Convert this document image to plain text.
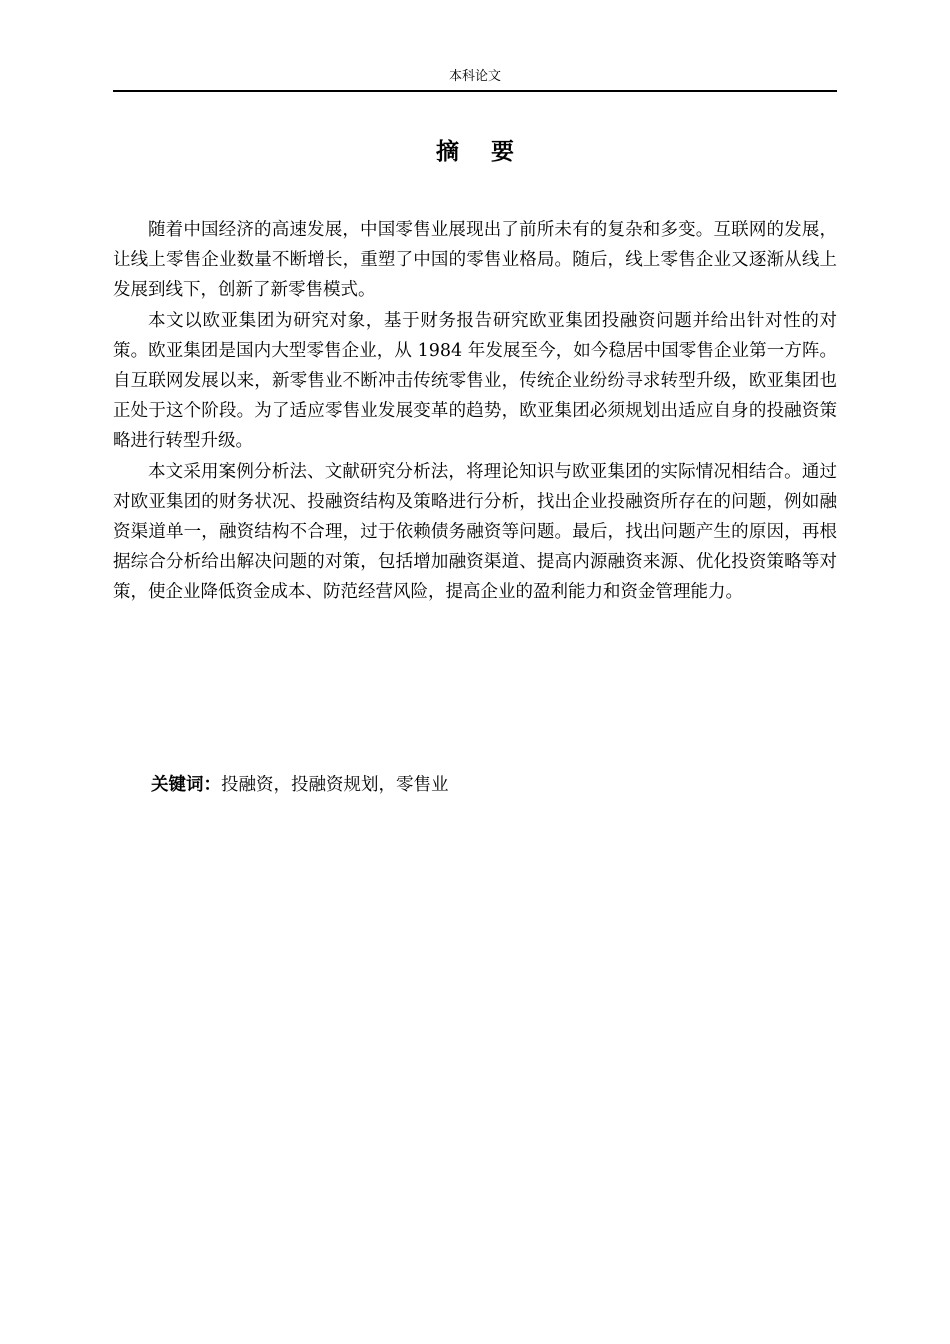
本科论文
摘 要

随着中国经济的高速发展，中国零售业展现出了前所未有的复杂和多变。互联网的发展，让线上零售企业数量不断增长，重塑了中国的零售业格局。随后，线上零售企业又逐渐从线上发展到线下，创新了新零售模式。

本文以欧亚集团为研究对象，基于财务报告研究欧亚集团投融资问题并给出针对性的对策。欧亚集团是国内大型零售企业，从 1984 年发展至今，如今稳居中国零售企业第一方阵。自互联网发展以来，新零售业不断冲击传统零售业，传统企业纷纷寻求转型升级，欧亚集团也正处于这个阶段。为了适应零售业发展变革的趋势，欧亚集团必须规划出适应自身的投融资策略进行转型升级。

本文采用案例分析法、文献研究分析法，将理论知识与欧亚集团的实际情况相结合。通过对欧亚集团的财务状况、投融资结构及策略进行分析，找出企业投融资所存在的问题，例如融资渠道单一，融资结构不合理，过于依赖债务融资等问题。最后，找出问题产生的原因，再根据综合分析给出解决问题的对策，包括增加融资渠道、提高内源融资来源、优化投资策略等对策，使企业降低资金成本、防范经营风险，提高企业的盈利能力和资金管理能力。

关键词：投融资，投融资规划，零售业
